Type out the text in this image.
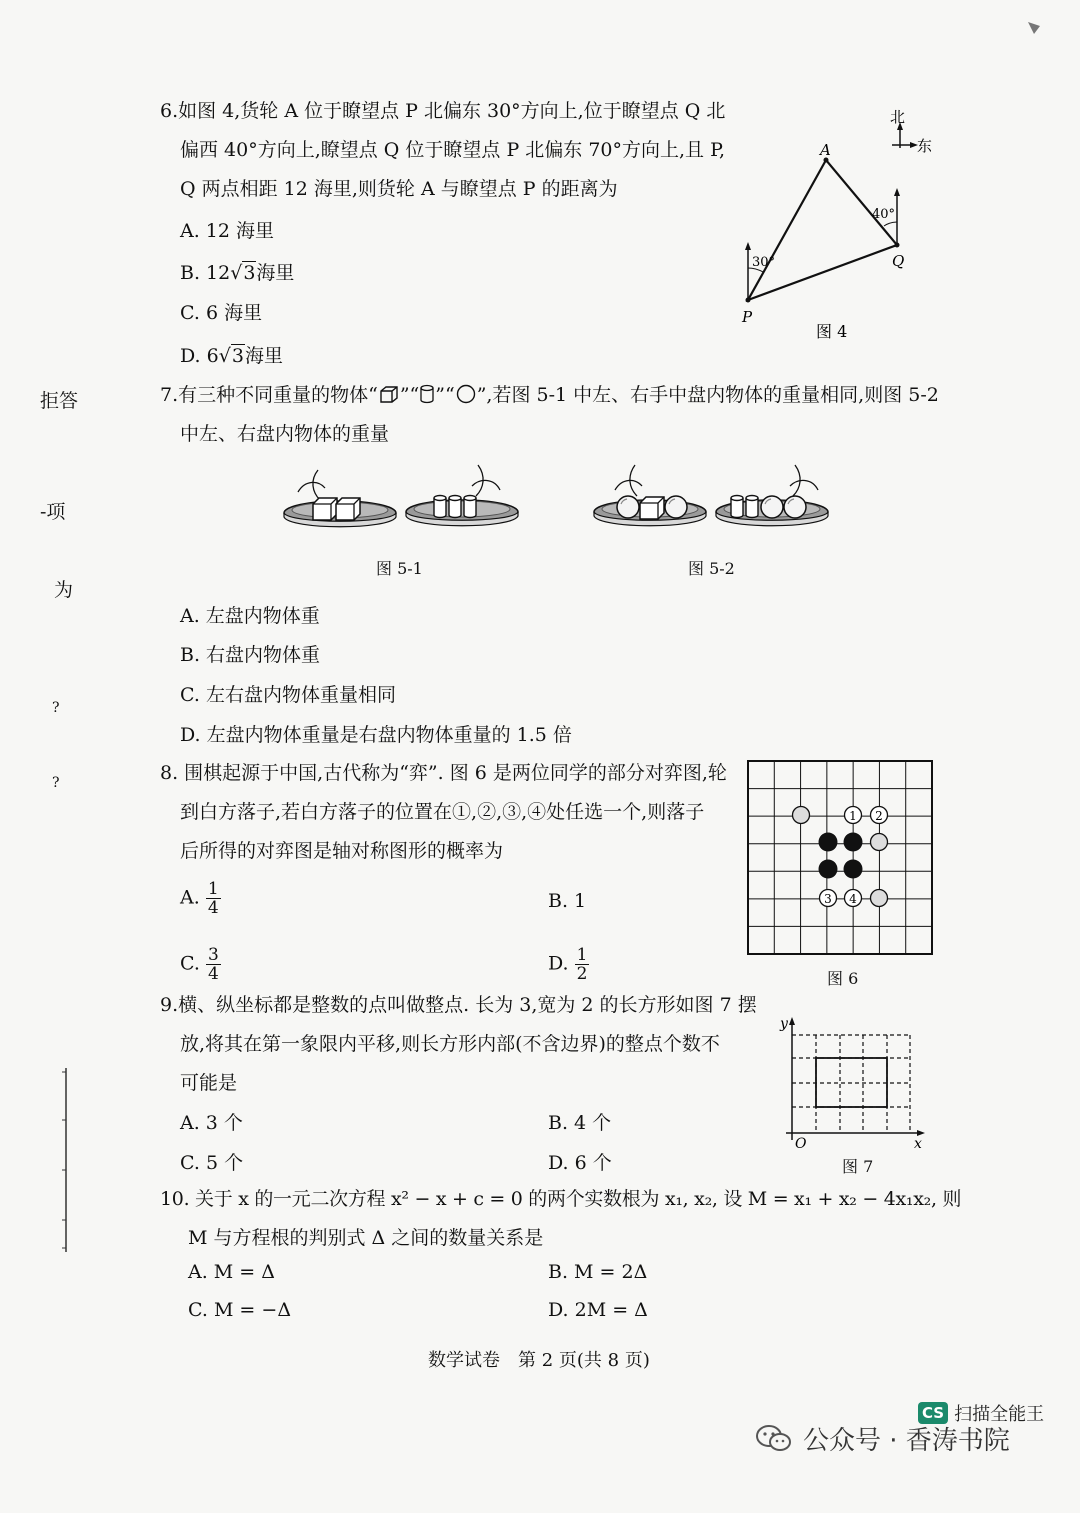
拒答
-项
为
?
?
6.如图 4,货轮 A 位于瞭望点 P 北偏东 30°方向上,位于瞭望点 Q 北
偏西 40°方向上,瞭望点 Q 位于瞭望点 P 北偏东 70°方向上,且 P,
Q 两点相距 12 海里,则货轮 A 与瞭望点 P 的距离为
A. 12 海里
B. 12√3海里
C. 6 海里
D. 6√3海里
北
东
A
P
Q
30°
40°
图 4
7.有三种不同重量的物体“ ”“ ”“ ”,若图 5-1 中左、右手中盘内物体的重量相同,则图 5-2
中左、右盘内物体的重量
图 5-1	图 5-2
A. 左盘内物体重
B. 右盘内物体重
C. 左右盘内物体重量相同
D. 左盘内物体重量是右盘内物体重量的 1.5 倍
8. 围棋起源于中国,古代称为“弈”. 图 6 是两位同学的部分对弈图,轮
到白方落子,若白方落子的位置在①,②,③,④处任选一个,则落子
后所得的对弈图是轴对称图形的概率为
A. $\frac{1}{4}$	B. 1
C. $\frac{3}{4}$	D. $\frac{1}{2}$
1 2
3 4
图 6
9.横、纵坐标都是整数的点叫做整点. 长为 3,宽为 2 的长方形如图 7 摆
放,将其在第一象限内平移,则长方形内部(不含边界)的整点个数不
可能是
A. 3 个	B. 4 个
C. 5 个	D. 6 个
y
x
O
图 7
10. 关于 x 的一元二次方程 x² − x + c = 0 的两个实数根为 x₁, x₂, 设 M = x₁ + x₂ − 4x₁x₂, 则
M 与方程根的判别式 Δ 之间的数量关系是
A. M = Δ	B. M = 2Δ
C. M = −Δ	D. 2M = Δ
数学试卷　第 2 页(共 8 页)
CS 扫描全能王
公众号 · 香涛书院
